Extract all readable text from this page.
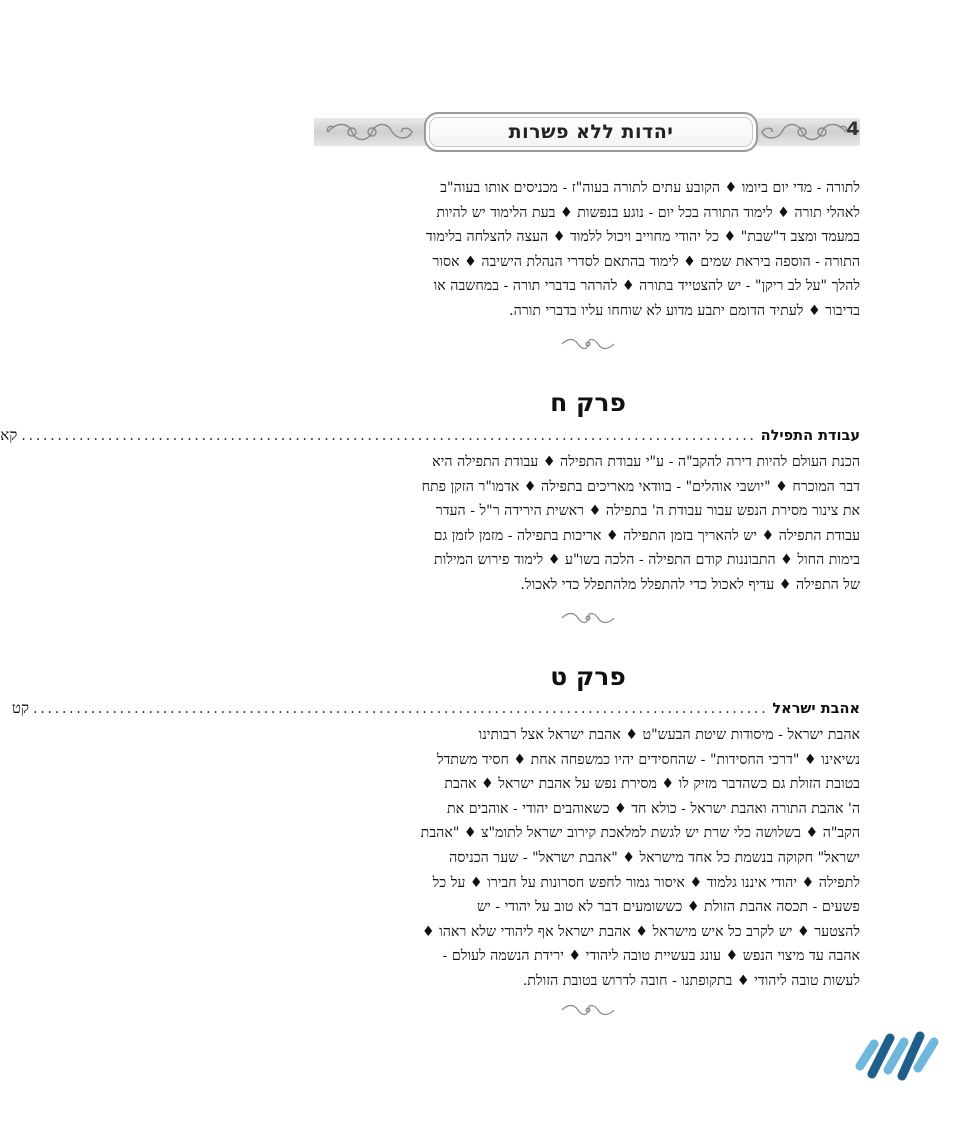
יהדות ללא פשרות	4
לתורה - מדי יום ביומו ♦ הקובע עתים לתורה בעוה"ז - מכניסים אותו בעוה"ב
לאהלי תורה ♦ לימוד התורה בכל יום - נוגע בנפשות ♦ בעת הלימוד יש להיות
במעמד ומצב ד"שבת" ♦ כל יהודי מחוייב ויכול ללמוד ♦ העצה להצלחה בלימוד
התורה - הוספה ביראת שמים ♦ לימוד בהתאם לסדרי הנהלת הישיבה ♦ אסור
להלך "על לב ריקן" - יש להצטייד בתורה ♦ להרהר בדברי תורה - במחשבה או
בדיבור ♦ לעתיד הדומם יתבע מדוע לא שוחחו עליו בדברי תורה.
פרק ח
עבודת התפילה
......................................................................................................
קא
הכנת העולם להיות דירה להקב"ה - ע"י עבודת התפילה ♦ עבודת התפילה היא
דבר המוכרח ♦ "יושבי אוהלים" - בוודאי מאריכים בתפילה ♦ אדמו"ר הזקן פתח
את צינור מסירת הנפש עבור עבודת ה' בתפילה ♦ ראשית הירידה ר"ל - העדר
עבודת התפילה ♦ יש להאריך בזמן התפילה ♦ אריכות בתפילה - מזמן לזמן גם
בימות החול ♦ התבוננות קודם התפילה - הלכה בשו"ע ♦ לימוד פירוש המילות
של התפילה ♦ עדיף לאכול כדי להתפלל מלהתפלל כדי לאכול.
פרק ט
אהבת ישראל
......................................................................................................
קט
אהבת ישראל - מיסודות שיטת הבעש"ט ♦ אהבת ישראל אצל רבותינו
נשיאינו ♦ "דרכי החסידות" - שהחסידים יהיו כמשפחה אחת ♦ חסיד משתדל
בטובת הזולת גם כשהדבר מזיק לו ♦ מסירת נפש על אהבת ישראל ♦ אהבת
ה' אהבת התורה ואהבת ישראל - כולא חד ♦ כשאוהבים יהודי - אוהבים את
הקב"ה ♦ בשלושה כלי שרת יש לגשת למלאכת קירוב ישראל לתומ"צ ♦ "אהבת
ישראל" חקוקה בנשמת כל אחד מישראל ♦ "אהבת ישראל" - שער הכניסה
לתפילה ♦ יהודי איננו גלמוד ♦ איסור גמור לחפש חסרונות על חבירו ♦ על כל
פשעים - תכסה אהבת הזולת ♦ כששומעים דבר לא טוב על יהודי - יש
להצטער ♦ יש לקרב כל איש מישראל ♦ אהבת ישראל אף ליהודי שלא ראהו ♦
אהבה עד מיצוי הנפש ♦ עונג בעשיית טובה ליהודי ♦ ירידת הנשמה לעולם -
לעשות טובה ליהודי ♦ בתקופתנו - חובה לדרוש בטובת הזולת.
